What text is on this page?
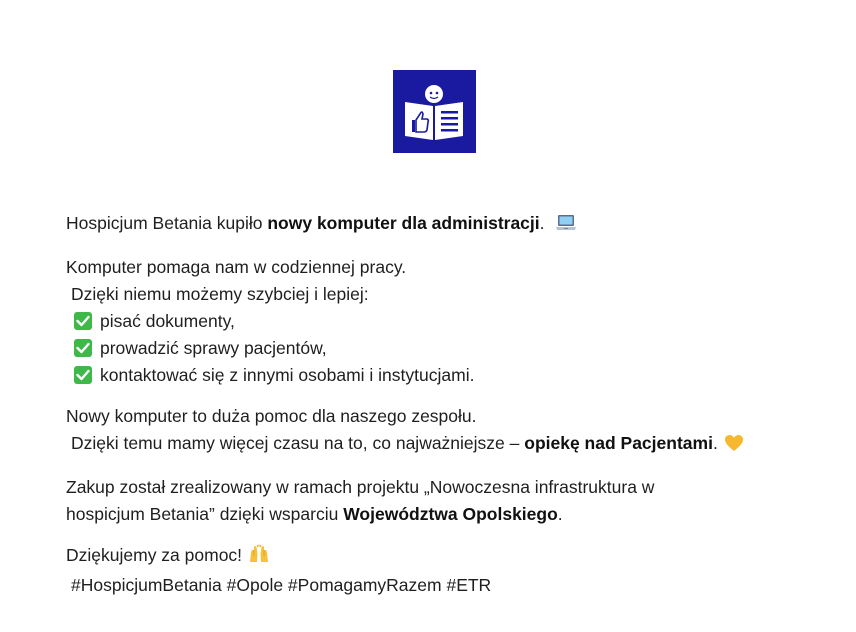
Hospicjum Betania kupiło nowy komputer dla administracji.

Komputer pomaga nam w codziennej pracy.
Dzięki niemu możemy szybciej i lepiej:
pisać dokumenty,
prowadzić sprawy pacjentów,
kontaktować się z innymi osobami i instytucjami.

Nowy komputer to duża pomoc dla naszego zespołu.
Dzięki temu mamy więcej czasu na to, co najważniejsze – opiekę nad Pacjentami.

Zakup został zrealizowany w ramach projektu „Nowoczesna infrastruktura w
hospicjum Betania” dzięki wsparciu Województwa Opolskiego.

Dziękujemy za pomoc!
#HospicjumBetania #Opole #PomagamyRazem #ETR
